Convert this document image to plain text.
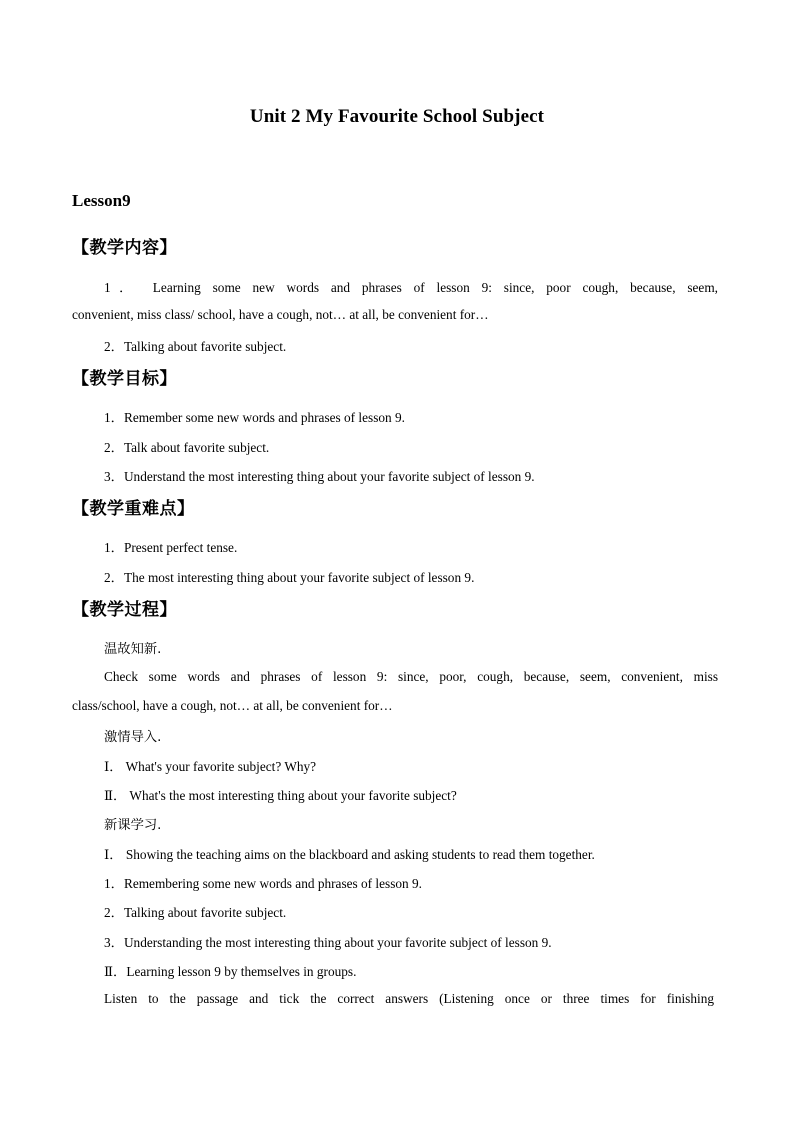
Unit 2 My Favourite School Subject
Lesson9
【教学内容】
1． Learning some new words and phrases of lesson 9: since, poor cough, because, seem,
convenient, miss class/ school, have a cough, not… at all, be convenient for…
2．Talking about favorite subject.
【教学目标】
1．Remember some new words and phrases of lesson 9.
2．Talk about favorite subject.
3．Understand the most interesting thing about your favorite subject of lesson 9.
【教学重难点】
1．Present perfect tense.
2．The most interesting thing about your favorite subject of lesson 9.
【教学过程】
温故知新.
Check some words and phrases of lesson 9: since, poor, cough, because, seem, convenient, miss
class/school, have a cough, not… at all, be convenient for…
激情导入.
Ⅰ． What's your favorite subject? Why?
Ⅱ． What's the most interesting thing about your favorite subject?
新课学习.
Ⅰ． Showing the teaching aims on the blackboard and asking students to read them together.
1．Remembering some new words and phrases of lesson 9.
2．Talking about favorite subject.
3．Understanding the most interesting thing about your favorite subject of lesson 9.
Ⅱ．Learning lesson 9 by themselves in groups.
Listen to the passage and tick the correct answers (Listening once or three times for finishing
